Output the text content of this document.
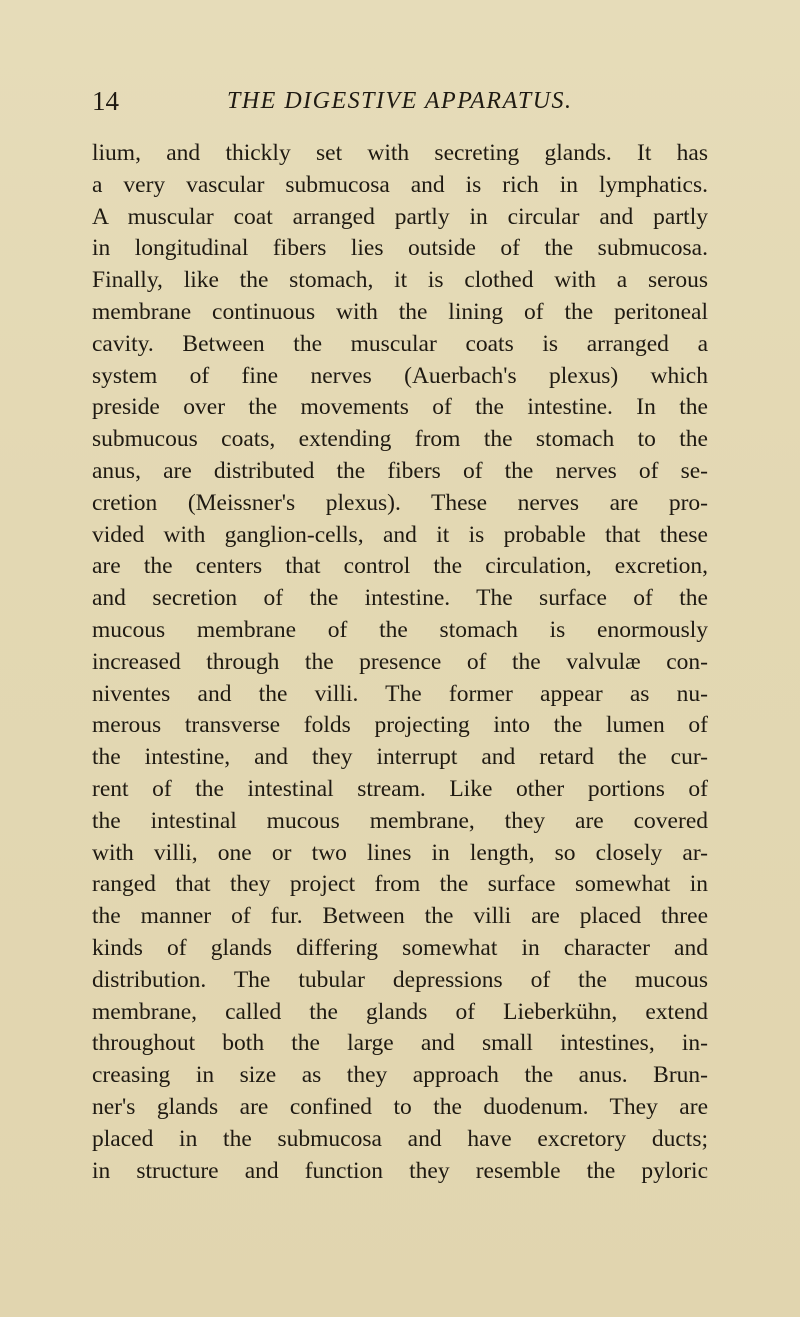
14	THE DIGESTIVE APPARATUS.
lium, and thickly set with secreting glands. It has
a very vascular submucosa and is rich in lymphatics.
A muscular coat arranged partly in circular and partly
in longitudinal fibers lies outside of the submucosa.
Finally, like the stomach, it is clothed with a serous
membrane continuous with the lining of the peritoneal
cavity. Between the muscular coats is arranged a
system of fine nerves (Auerbach's plexus) which
preside over the movements of the intestine. In the
submucous coats, extending from the stomach to the
anus, are distributed the fibers of the nerves of se-
cretion (Meissner's plexus). These nerves are pro-
vided with ganglion-cells, and it is probable that these
are the centers that control the circulation, excretion,
and secretion of the intestine. The surface of the
mucous membrane of the stomach is enormously
increased through the presence of the valvulæ con-
niventes and the villi. The former appear as nu-
merous transverse folds projecting into the lumen of
the intestine, and they interrupt and retard the cur-
rent of the intestinal stream. Like other portions of
the intestinal mucous membrane, they are covered
with villi, one or two lines in length, so closely ar-
ranged that they project from the surface somewhat in
the manner of fur. Between the villi are placed three
kinds of glands differing somewhat in character and
distribution. The tubular depressions of the mucous
membrane, called the glands of Lieberkühn, extend
throughout both the large and small intestines, in-
creasing in size as they approach the anus. Brun-
ner's glands are confined to the duodenum. They are
placed in the submucosa and have excretory ducts;
in structure and function they resemble the pyloric
